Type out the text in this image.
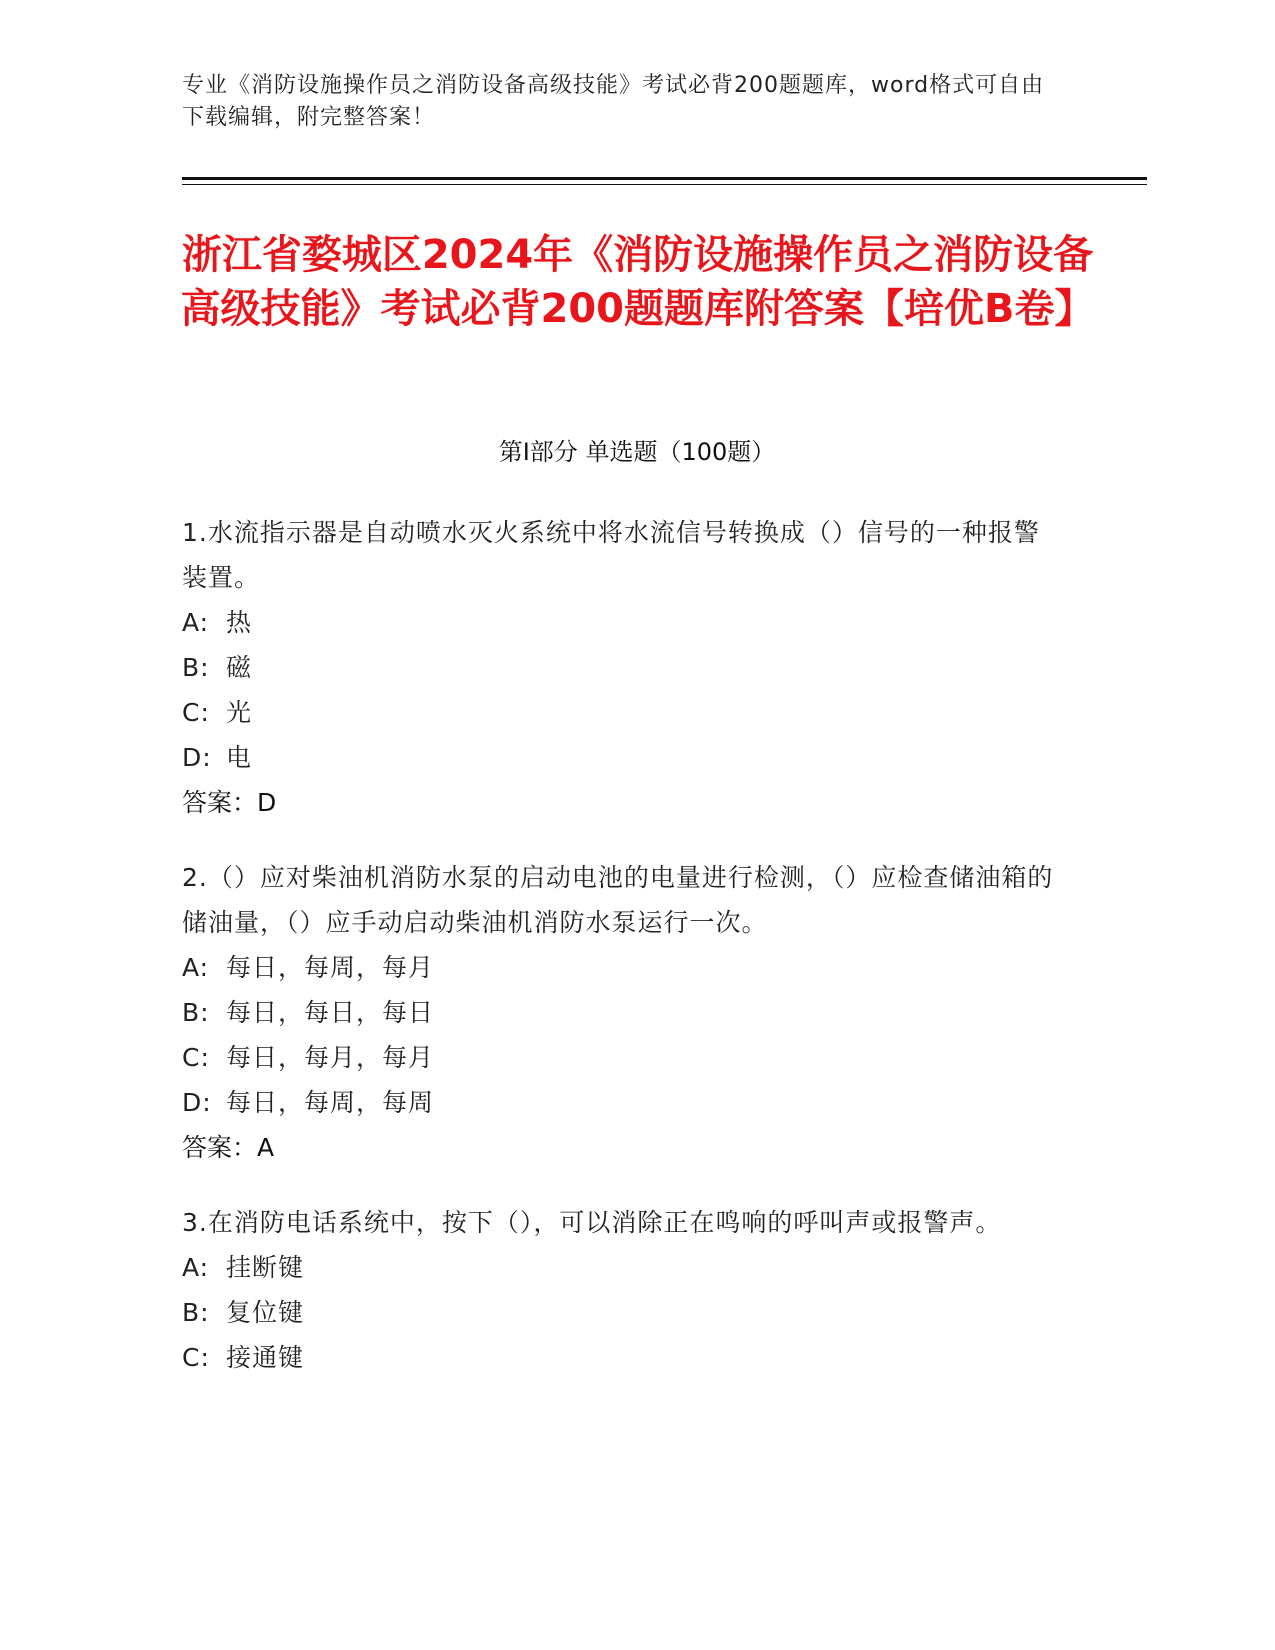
专业《消防设施操作员之消防设备高级技能》考试必背200题题库，word格式可自由下载编辑，附完整答案！
浙江省婺城区2024年《消防设施操作员之消防设备高级技能》考试必背200题题库附答案【培优B卷】
第I部分 单选题（100题）
1.水流指示器是自动喷水灭火系统中将水流信号转换成（）信号的一种报警装置。
A: 热
B: 磁
C: 光
D: 电
答案：D
2.（）应对柴油机消防水泵的启动电池的电量进行检测，（）应检查储油箱的储油量，（）应手动启动柴油机消防水泵运行一次。
A: 每日，每周，每月
B: 每日，每日，每日
C: 每日，每月，每月
D: 每日，每周，每周
答案：A
3.在消防电话系统中，按下（），可以消除正在鸣响的呼叫声或报警声。
A: 挂断键
B: 复位键
C: 接通键
